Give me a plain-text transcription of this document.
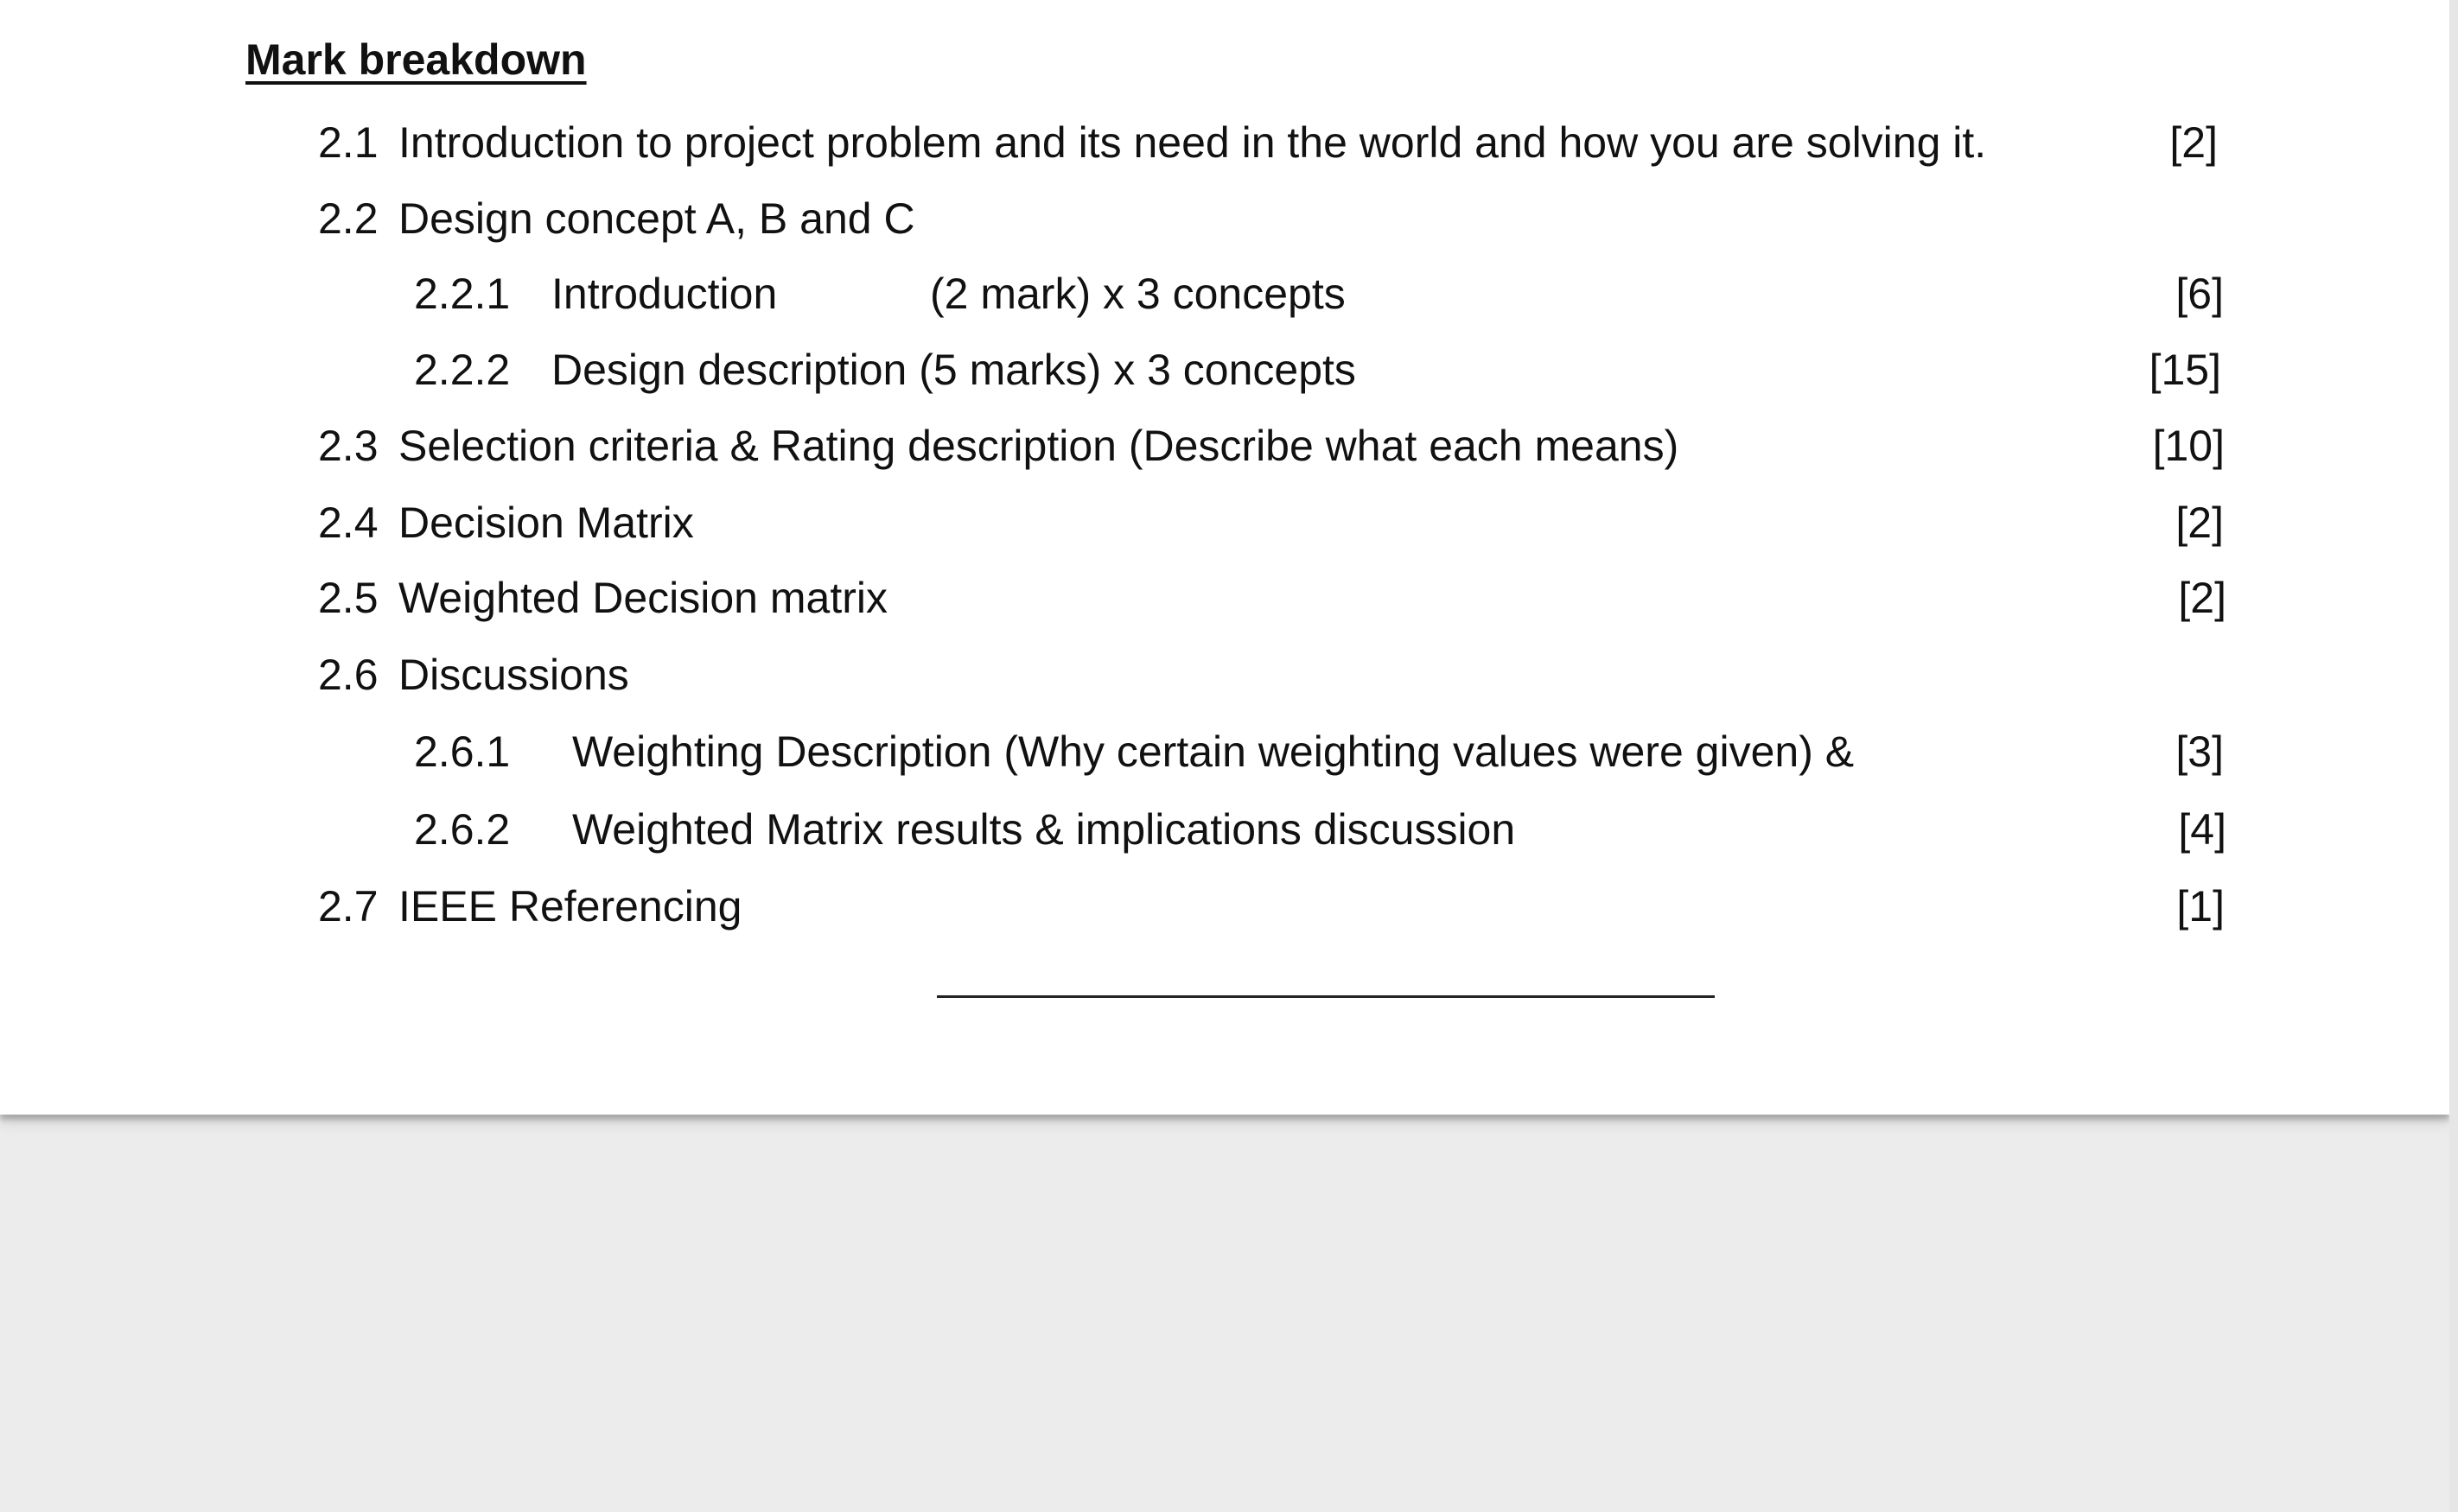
Mark breakdown
2.1 Introduction to project problem and its need in the world and how you are solving it.	[2]
2.2 Design concept A, B and C
2.2.1 Introduction	(2 mark) x 3 concepts	[6]
2.2.2 Design description (5 marks) x 3 concepts	[15]
2.3 Selection criteria & Rating description (Describe what each means)	[10]
2.4 Decision Matrix	[2]
2.5 Weighted Decision matrix	[2]
2.6 Discussions
2.6.1 Weighting Description (Why certain weighting values were given) &	[3]
2.6.2 Weighted Matrix results & implications discussion	[4]
2.7 IEEE Referencing	[1]
